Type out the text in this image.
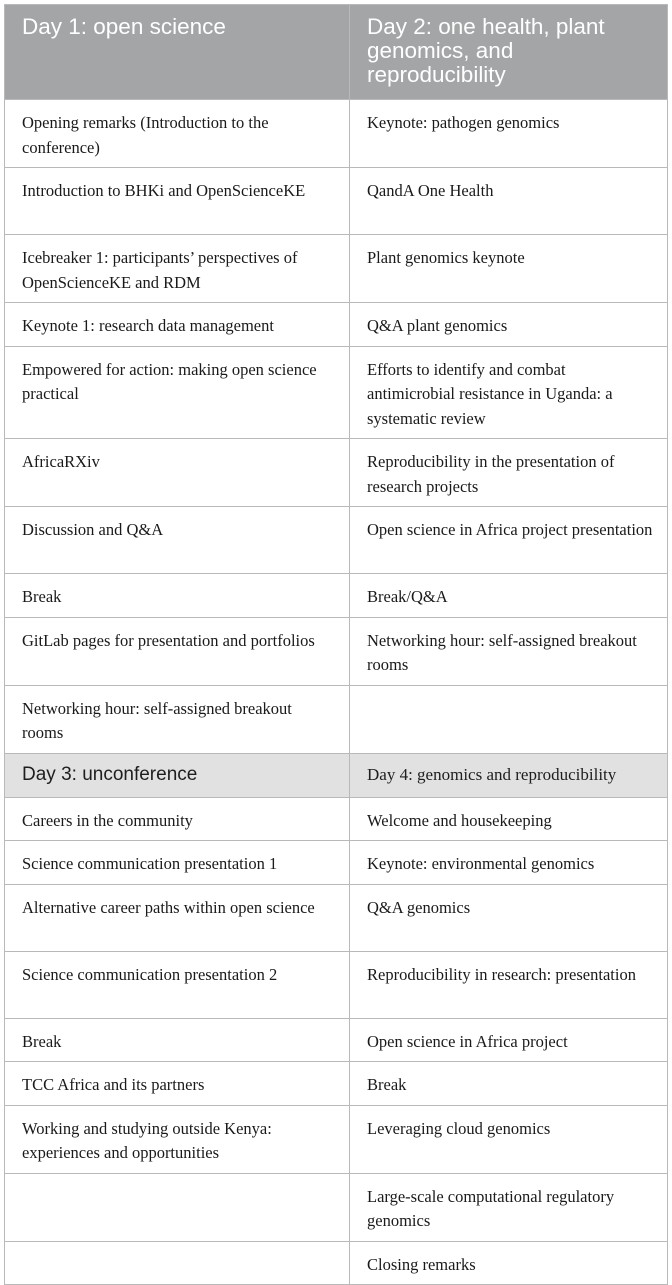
Day 1: open science	Day 2: one health, plant genomics, and reproducibility
Opening remarks (Introduction to the conference)	Keynote: pathogen genomics
Introduction to BHKi and OpenScienceKE	QandA One Health
Icebreaker 1: participants’ perspectives of OpenScienceKE and RDM	Plant genomics keynote
Keynote 1: research data management	Q&A plant genomics
Empowered for action: making open science practical	Efforts to identify and combat antimicrobial resistance in Uganda: a systematic review
AfricaRXiv	Reproducibility in the presentation of research projects
Discussion and Q&A	Open science in Africa project presentation
Break	Break/Q&A
GitLab pages for presentation and portfolios	Networking hour: self-assigned breakout rooms
Networking hour: self-assigned breakout rooms	
Day 3: unconference	Day 4: genomics and reproducibility
Careers in the community	Welcome and housekeeping
Science communication presentation 1	Keynote: environmental genomics
Alternative career paths within open science	Q&A genomics
Science communication presentation 2	Reproducibility in research: presentation
Break	Open science in Africa project
TCC Africa and its partners	Break
Working and studying outside Kenya: experiences and opportunities	Leveraging cloud genomics
	Large-scale computational regulatory genomics
	Closing remarks
